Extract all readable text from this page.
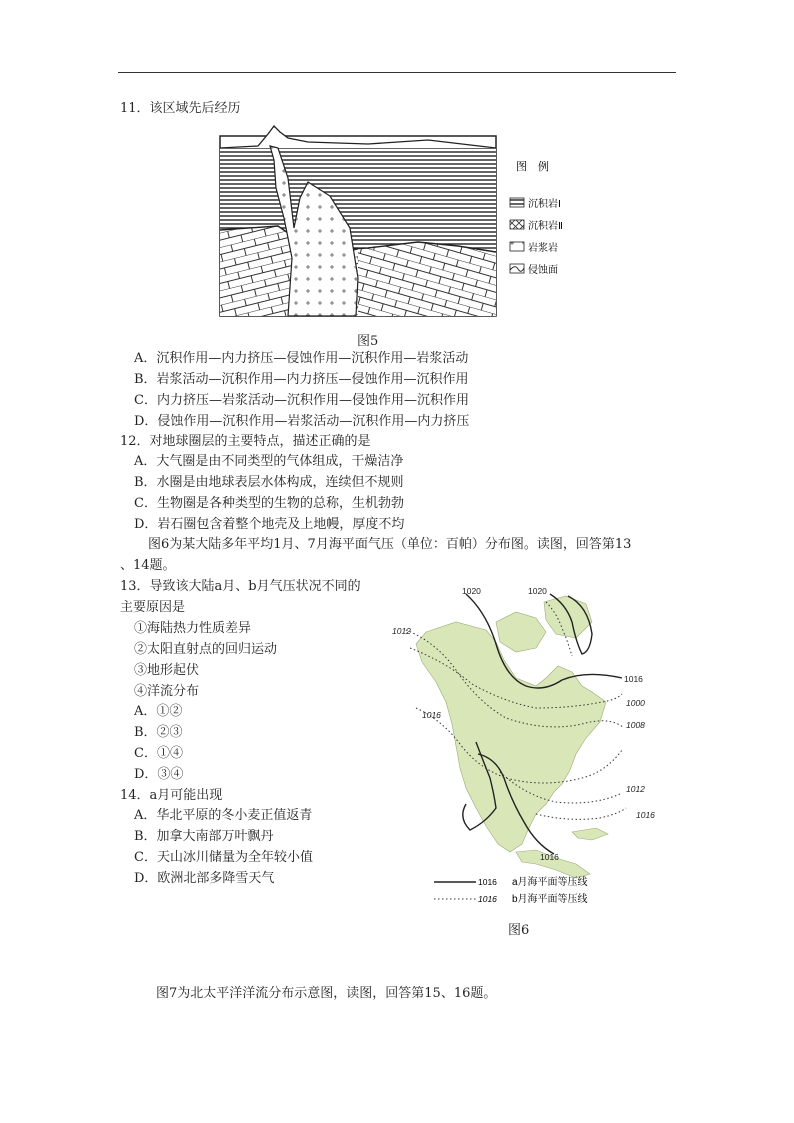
11．该区域先后经历
图　例
沉积岩Ⅰ
沉积岩Ⅱ
岩浆岩
侵蚀面
图5
A．沉积作用—内力挤压—侵蚀作用—沉积作用—岩浆活动
B．岩浆活动—沉积作用—内力挤压—侵蚀作用—沉积作用
C．内力挤压—岩浆活动—沉积作用—侵蚀作用—沉积作用
D．侵蚀作用—沉积作用—岩浆活动—沉积作用—内力挤压
12．对地球圈层的主要特点，描述正确的是
A．大气圈是由不同类型的气体组成，干燥洁净
B．水圈是由地球表层水体构成，连续但不规则
C．生物圈是各种类型的生物的总称，生机勃勃
D．岩石圈包含着整个地壳及上地幔，厚度不均
图6为某大陆多年平均1月、7月海平面气压（单位：百帕）分布图。读图，回答第13
、14题。
13．导致该大陆a月、b月气压状况不同的
主要原因是
①海陆热力性质差异
②太阳直射点的回归运动
③地形起伏
④洋流分布
A．①②
B．②③
C．①④
D．③④
14．a月可能出现
A．华北平原的冬小麦正值返青
B．加拿大南部万叶飘丹
C．天山冰川储量为全年较小值
D．欧洲北部多降雪天气
1020	1020
1012
1016
1000
1016
1008
1012
1016
1016
1016 a月海平面等压线
1016 b月海平面等压线
图6
图7为北太平洋洋流分布示意图，读图，回答第15、16题。
